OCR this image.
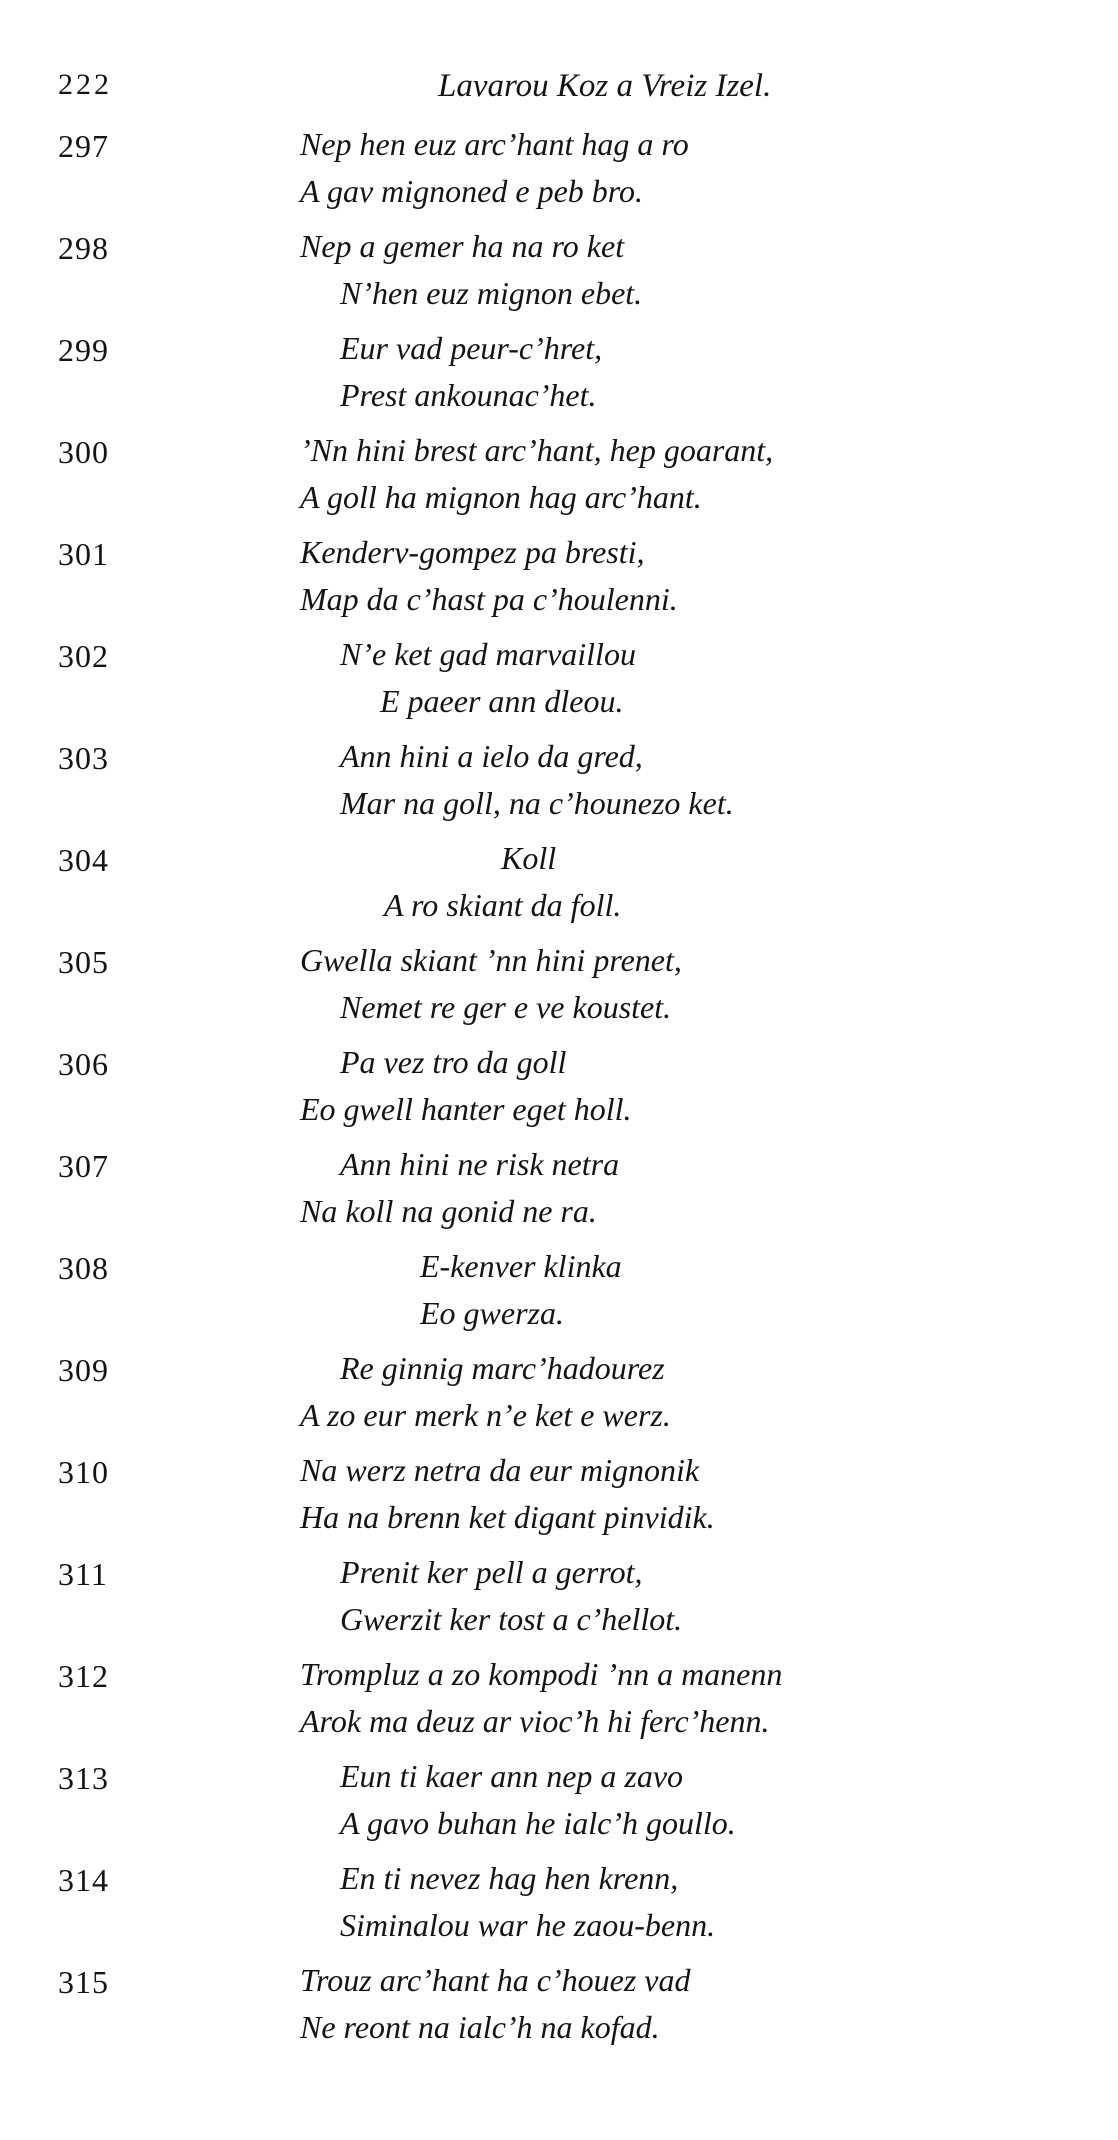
222	Lavarou Koz a Vreiz Izel.
297	Nep hen euz arc’hant hag a ro
A gav mignoned e peb bro.
298	Nep a gemer ha na ro ket
N’hen euz mignon ebet.
299	Eur vad peur-c’hret,
Prest ankounac’het.
300	’Nn hini brest arc’hant, hep goarant,
A goll ha mignon hag arc’hant.
301	Kenderv-gompez pa bresti,
Map da c’hast pa c’houlenni.
302	N’e ket gad marvaillou
E paeer ann dleou.
303	Ann hini a ielo da gred,
Mar na goll, na c’hounezo ket.
304	Koll
A ro skiant da foll.
305	Gwella skiant ’nn hini prenet,
Nemet re ger e ve koustet.
306	Pa vez tro da goll
Eo gwell hanter eget holl.
307	Ann hini ne risk netra
Na koll na gonid ne ra.
308	E-kenver klinka
Eo gwerza.
309	Re ginnig marc’hadourez
A zo eur merk n’e ket e werz.
310	Na werz netra da eur mignonik
Ha na brenn ket digant pinvidik.
311	Prenit ker pell a gerrot,
Gwerzit ker tost a c’hellot.
312	Trompluz a zo kompodi ’nn a manenn
Arok ma deuz ar vioc’h hi ferc’henn.
313	Eun ti kaer ann nep a zavo
A gavo buhan he ialc’h goullo.
314	En ti nevez hag hen krenn,
Siminalou war he zaou-benn.
315	Trouz arc’hant ha c’houez vad
Ne reont na ialc’h na kofad.
